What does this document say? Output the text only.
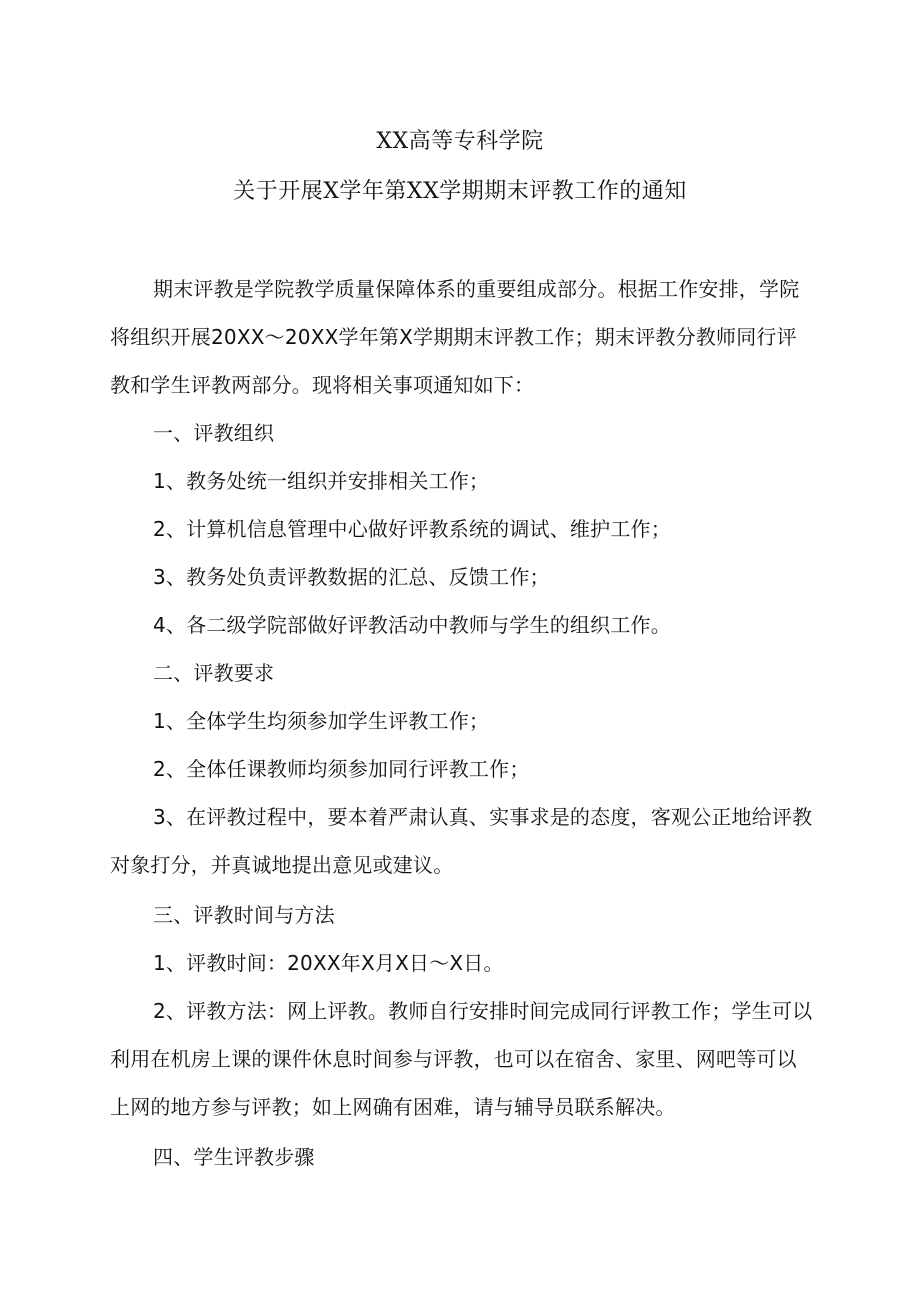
XX高等专科学院
关于开展X学年第XX学期期末评教工作的通知

期末评教是学院教学质量保障体系的重要组成部分。根据工作安排，学院将组织开展20XX～20XX学年第X学期期末评教工作；期末评教分教师同行评教和学生评教两部分。现将相关事项通知如下：

一、评教组织

1、教务处统一组织并安排相关工作；

2、计算机信息管理中心做好评教系统的调试、维护工作；

3、教务处负责评教数据的汇总、反馈工作；

4、各二级学院部做好评教活动中教师与学生的组织工作。

二、评教要求

1、全体学生均须参加学生评教工作；

2、全体任课教师均须参加同行评教工作；

3、在评教过程中，要本着严肃认真、实事求是的态度，客观公正地给评教对象打分，并真诚地提出意见或建议。

三、评教时间与方法

1、评教时间：20XX年X月X日～X日。

2、评教方法：网上评教。教师自行安排时间完成同行评教工作；学生可以利用在机房上课的课件休息时间参与评教，也可以在宿舍、家里、网吧等可以上网的地方参与评教；如上网确有困难，请与辅导员联系解决。

四、学生评教步骤
